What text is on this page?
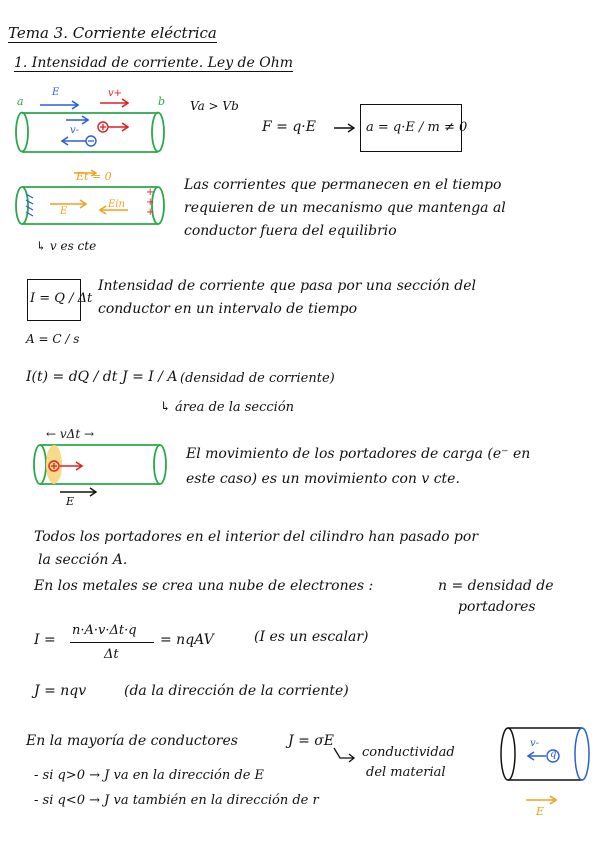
Tema 3. Corriente eléctrica
1. Intensidad de corriente. Ley de Ohm
a	b
E	v+
v-
Va > Vb
F = q·E	a = q·E / m ≠ 0
+
+
+
Et = 0
E
Ein
↳ v es cte
Las corrientes que permanecen en el tiempo
requieren de un mecanismo que mantenga al
conductor fuera del equilibrio
I = Q / Δt
Intensidad de corriente que pasa por una sección del
conductor en un intervalo de tiempo
A = C / s
I(t) = dQ / dt J = I / A (densidad de corriente)
↳ área de la sección
← vΔt →
E
El movimiento de los portadores de carga (e⁻ en
este caso) es un movimiento con v cte.
Todos los portadores en el interior del cilindro han pasado por
la sección A.
En los metales se crea una nube de electrones :	n = densidad de
portadores
I =
n·A·v·Δt·q
Δt
= nqAV	(I es un escalar)
J = nqv	(da la dirección de la corriente)
En la mayoría de conductores	J = σE
conductividad
del material
- si q>0 → J va en la dirección de E
- si q<0 → J va también en la dirección de r
v-
q
E
